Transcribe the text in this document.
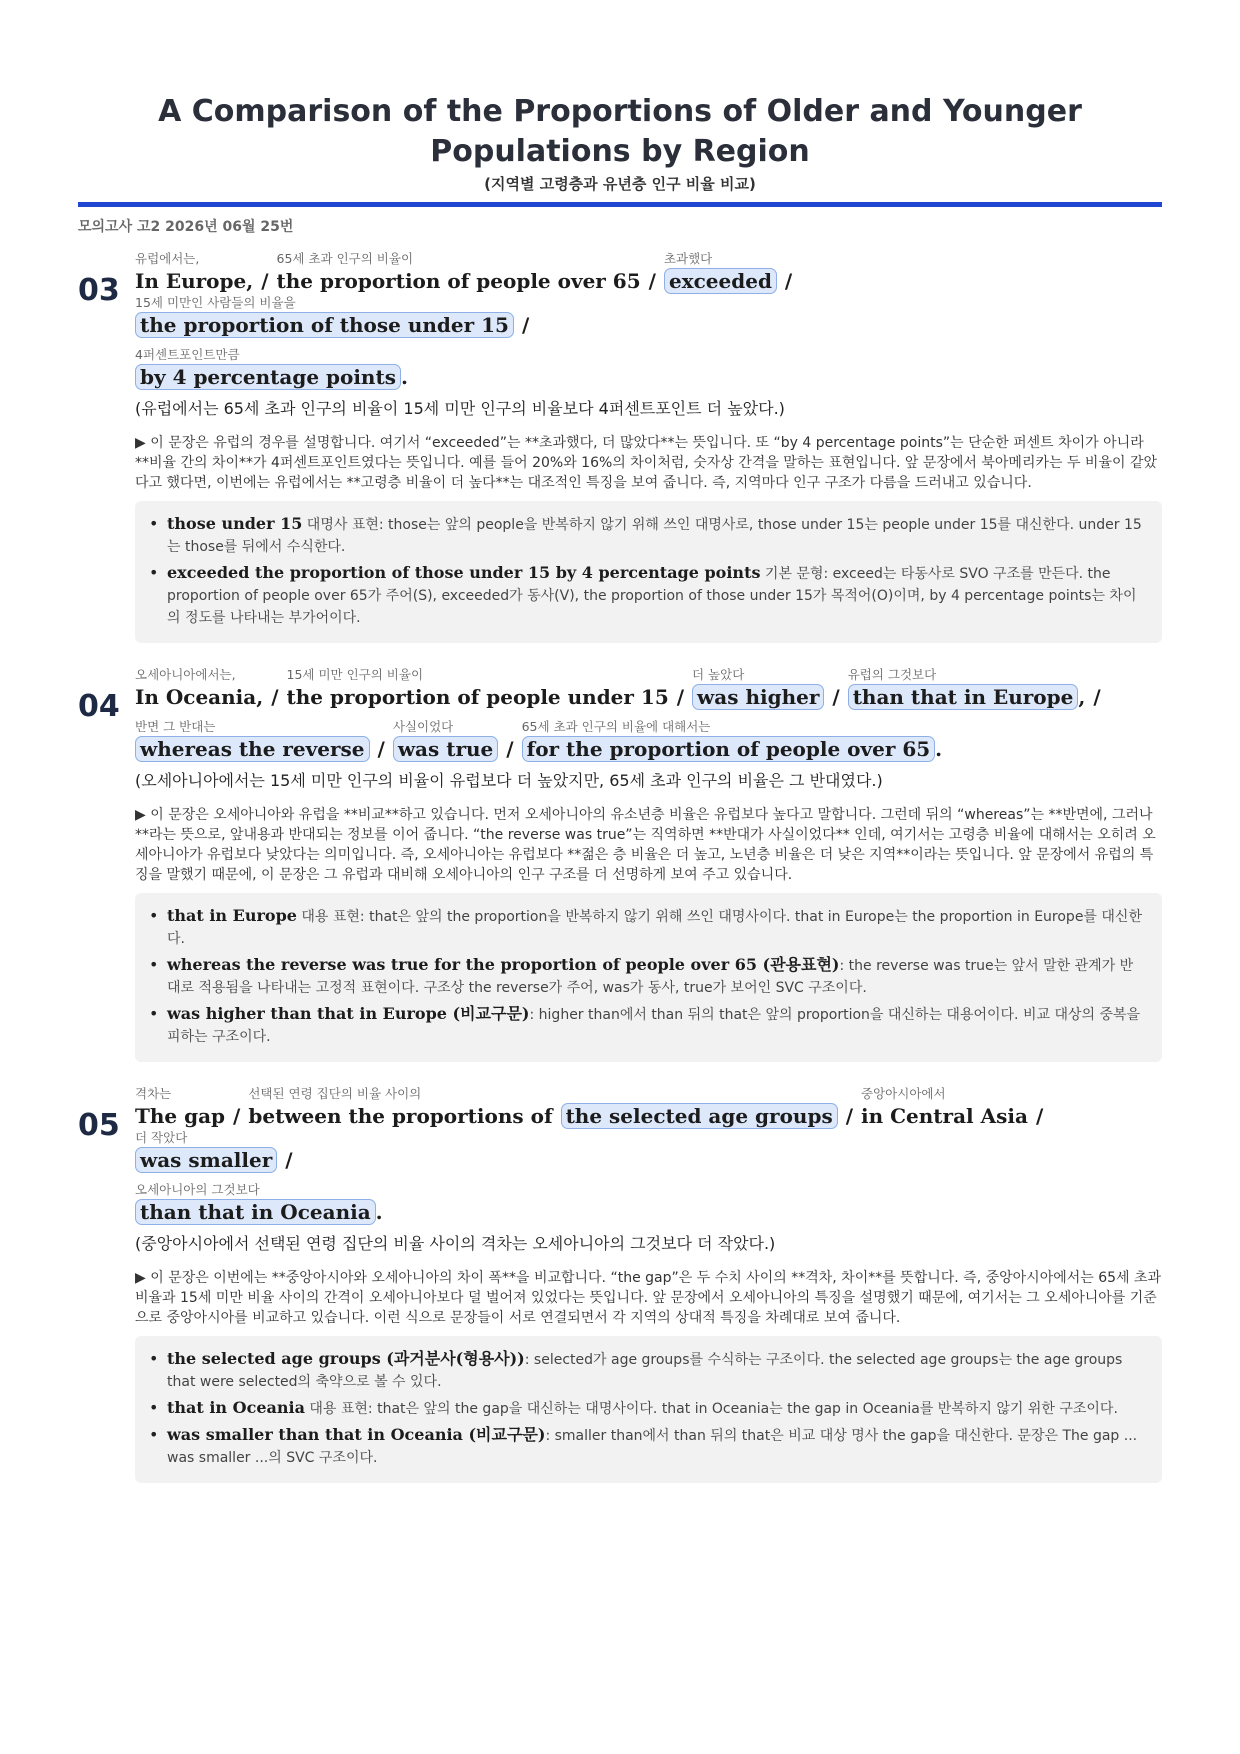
A Comparison of the Proportions of Older and Younger Populations by Region
(지역별 고령층과 유년층 인구 비율 비교)
모의고사 고2 2026년 06월 25번
03
유럽에서는,
In Europe, /
65세 초과 인구의 비율이
the proportion of people over 65 /
초과했다
exceeded /
15세 미만인 사람들의 비율을
the proportion of those under 15 /
4퍼센트포인트만큼
by 4 percentage points .
(유럽에서는 65세 초과 인구의 비율이 15세 미만 인구의 비율보다 4퍼센트포인트 더 높았다.)
▶ 이 문장은 유럽의 경우를 설명합니다. 여기서 “exceeded”는 **초과했다, 더 많았다**는 뜻입니다. 또 “by 4 percentage points”는 단순한 퍼센트 차이가 아니라 **비율 간의 차이**가 4퍼센트포인트였다는 뜻입니다. 예를 들어 20%와 16%의 차이처럼, 숫자상 간격을 말하는 표현입니다. 앞 문장에서 북아메리카는 두 비율이 같았다고 했다면, 이번에는 유럽에서는 **고령층 비율이 더 높다**는 대조적인 특징을 보여 줍니다. 즉, 지역마다 인구 구조가 다름을 드러내고 있습니다.
• those under 15 대명사 표현: those는 앞의 people을 반복하지 않기 위해 쓰인 대명사로, those under 15는 people under 15를 대신한다. under 15는 those를 뒤에서 수식한다.
• exceeded the proportion of those under 15 by 4 percentage points 기본 문형: exceed는 타동사로 SVO 구조를 만든다. the proportion of people over 65가 주어(S), exceeded가 동사(V), the proportion of those under 15가 목적어(O)이며, by 4 percentage points는 차이의 정도를 나타내는 부가어이다.
04
오세아니아에서는,
In Oceania, /
15세 미만 인구의 비율이
the proportion of people under 15 /
더 높았다
was higher /
유럽의 그것보다
than that in Europe , /
반면 그 반대는
whereas the reverse /
사실이었다
was true /
65세 초과 인구의 비율에 대해서는
for the proportion of people over 65 .
(오세아니아에서는 15세 미만 인구의 비율이 유럽보다 더 높았지만, 65세 초과 인구의 비율은 그 반대였다.)
▶ 이 문장은 오세아니아와 유럽을 **비교**하고 있습니다. 먼저 오세아니아의 유소년층 비율은 유럽보다 높다고 말합니다. 그런데 뒤의 “whereas”는 **반면에, 그러나**라는 뜻으로, 앞내용과 반대되는 정보를 이어 줍니다. “the reverse was true”는 직역하면 **반대가 사실이었다** 인데, 여기서는 고령층 비율에 대해서는 오히려 오세아니아가 유럽보다 낮았다는 의미입니다. 즉, 오세아니아는 유럽보다 **젊은 층 비율은 더 높고, 노년층 비율은 더 낮은 지역**이라는 뜻입니다. 앞 문장에서 유럽의 특징을 말했기 때문에, 이 문장은 그 유럽과 대비해 오세아니아의 인구 구조를 더 선명하게 보여 주고 있습니다.
• that in Europe 대용 표현: that은 앞의 the proportion을 반복하지 않기 위해 쓰인 대명사이다. that in Europe는 the proportion in Europe를 대신한다.
• whereas the reverse was true for the proportion of people over 65 (관용표현): the reverse was true는 앞서 말한 관계가 반대로 적용됨을 나타내는 고정적 표현이다. 구조상 the reverse가 주어, was가 동사, true가 보어인 SVC 구조이다.
• was higher than that in Europe (비교구문): higher than에서 than 뒤의 that은 앞의 proportion을 대신하는 대용어이다. 비교 대상의 중복을 피하는 구조이다.
05
격차는
The gap /
선택된 연령 집단의 비율 사이의
between the proportions of the selected age groups /
중앙아시아에서
in Central Asia /
더 작았다
was smaller /
오세아니아의 그것보다
than that in Oceania .
(중앙아시아에서 선택된 연령 집단의 비율 사이의 격차는 오세아니아의 그것보다 더 작았다.)
▶ 이 문장은 이번에는 **중앙아시아와 오세아니아의 차이 폭**을 비교합니다. “the gap”은 두 수치 사이의 **격차, 차이**를 뜻합니다. 즉, 중앙아시아에서는 65세 초과 비율과 15세 미만 비율 사이의 간격이 오세아니아보다 덜 벌어져 있었다는 뜻입니다. 앞 문장에서 오세아니아의 특징을 설명했기 때문에, 여기서는 그 오세아니아를 기준으로 중앙아시아를 비교하고 있습니다. 이런 식으로 문장들이 서로 연결되면서 각 지역의 상대적 특징을 차례대로 보여 줍니다.
• the selected age groups (과거분사(형용사)): selected가 age groups를 수식하는 구조이다. the selected age groups는 the age groups that were selected의 축약으로 볼 수 있다.
• that in Oceania 대용 표현: that은 앞의 the gap을 대신하는 대명사이다. that in Oceania는 the gap in Oceania를 반복하지 않기 위한 구조이다.
• was smaller than that in Oceania (비교구문): smaller than에서 than 뒤의 that은 비교 대상 명사 the gap을 대신한다. 문장은 The gap ... was smaller ...의 SVC 구조이다.
